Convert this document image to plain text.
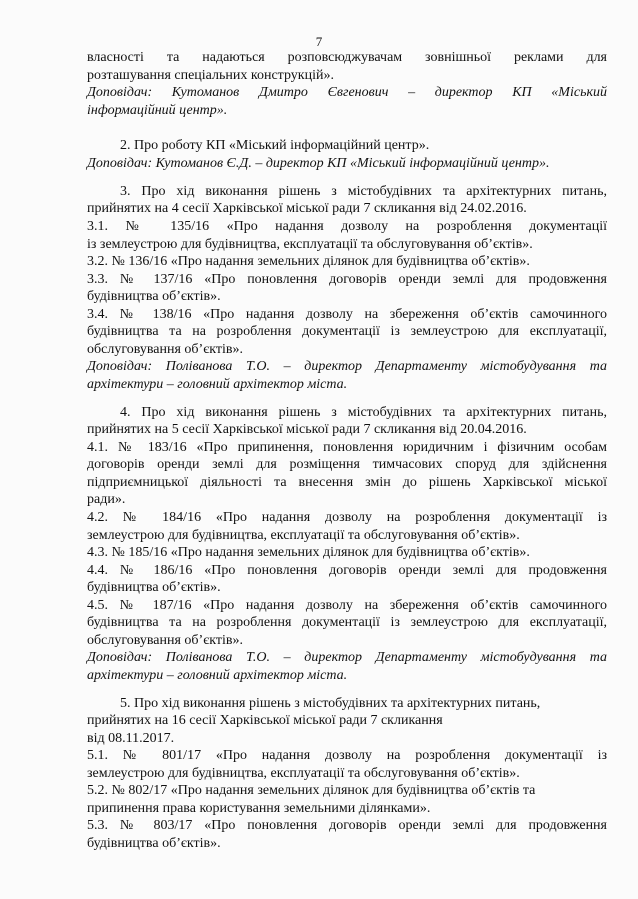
7
власності та надаються розповсюджувачам зовнішньої реклами для
розташування спеціальних конструкцій».
Доповідач: Кутоманов Дмитро Євгенович – директор КП «Міський
інформаційний центр».
2. Про роботу КП «Міський інформаційний центр».
Доповідач: Кутоманов Є.Д. – директор КП «Міський інформаційний центр».
3. Про хід виконання рішень з містобудівних та архітектурних питань,
прийнятих на 4 сесії Харківської міської ради 7 скликання від 24.02.2016.
3.1. № 135/16 «Про надання дозволу на розроблення документації
із землеустрою для будівництва, експлуатації та обслуговування об’єктів».
3.2. № 136/16 «Про надання земельних ділянок для будівництва об’єктів».
3.3. № 137/16 «Про поновлення договорів оренди землі для продовження
будівництва об’єктів».
3.4. № 138/16 «Про надання дозволу на збереження об’єктів самочинного
будівництва та на розроблення документації із землеустрою для експлуатації,
обслуговування об’єктів».
Доповідач: Полiванова Т.О. – директор Департаменту містобудування та
архітектури – головний архітектор міста.
4. Про хід виконання рішень з містобудівних та архітектурних питань,
прийнятих на 5 сесії Харківської міської ради 7 скликання від 20.04.2016.
4.1. № 183/16 «Про припинення, поновлення юридичним і фізичним особам
договорів оренди землі для розміщення тимчасових споруд для здійснення
підприємницької діяльності та внесення змін до рішень Харківської міської
ради».
4.2. № 184/16 «Про надання дозволу на розроблення документації із
землеустрою для будівництва, експлуатації та обслуговування об’єктів».
4.3. № 185/16 «Про надання земельних ділянок для будівництва об’єктів».
4.4. № 186/16 «Про поновлення договорів оренди землі для продовження
будівництва об’єктів».
4.5. № 187/16 «Про надання дозволу на збереження об’єктів самочинного
будівництва та на розроблення документації із землеустрою для експлуатації,
обслуговування об’єктів».
Доповідач: Полiванова Т.О. – директор Департаменту містобудування та
архітектури – головний архітектор міста.
5. Про хід виконання рішень з містобудівних та архітектурних питань,
прийнятих на 16 сесії Харківської міської ради 7 скликання
від 08.11.2017.
5.1. № 801/17 «Про надання дозволу на розроблення документації із
землеустрою для будівництва, експлуатації та обслуговування об’єктів».
5.2. № 802/17 «Про надання земельних ділянок для будівництва об’єктів та
припинення права користування земельними ділянками».
5.3. № 803/17 «Про поновлення договорів оренди землі для продовження
будівництва об’єктів».
